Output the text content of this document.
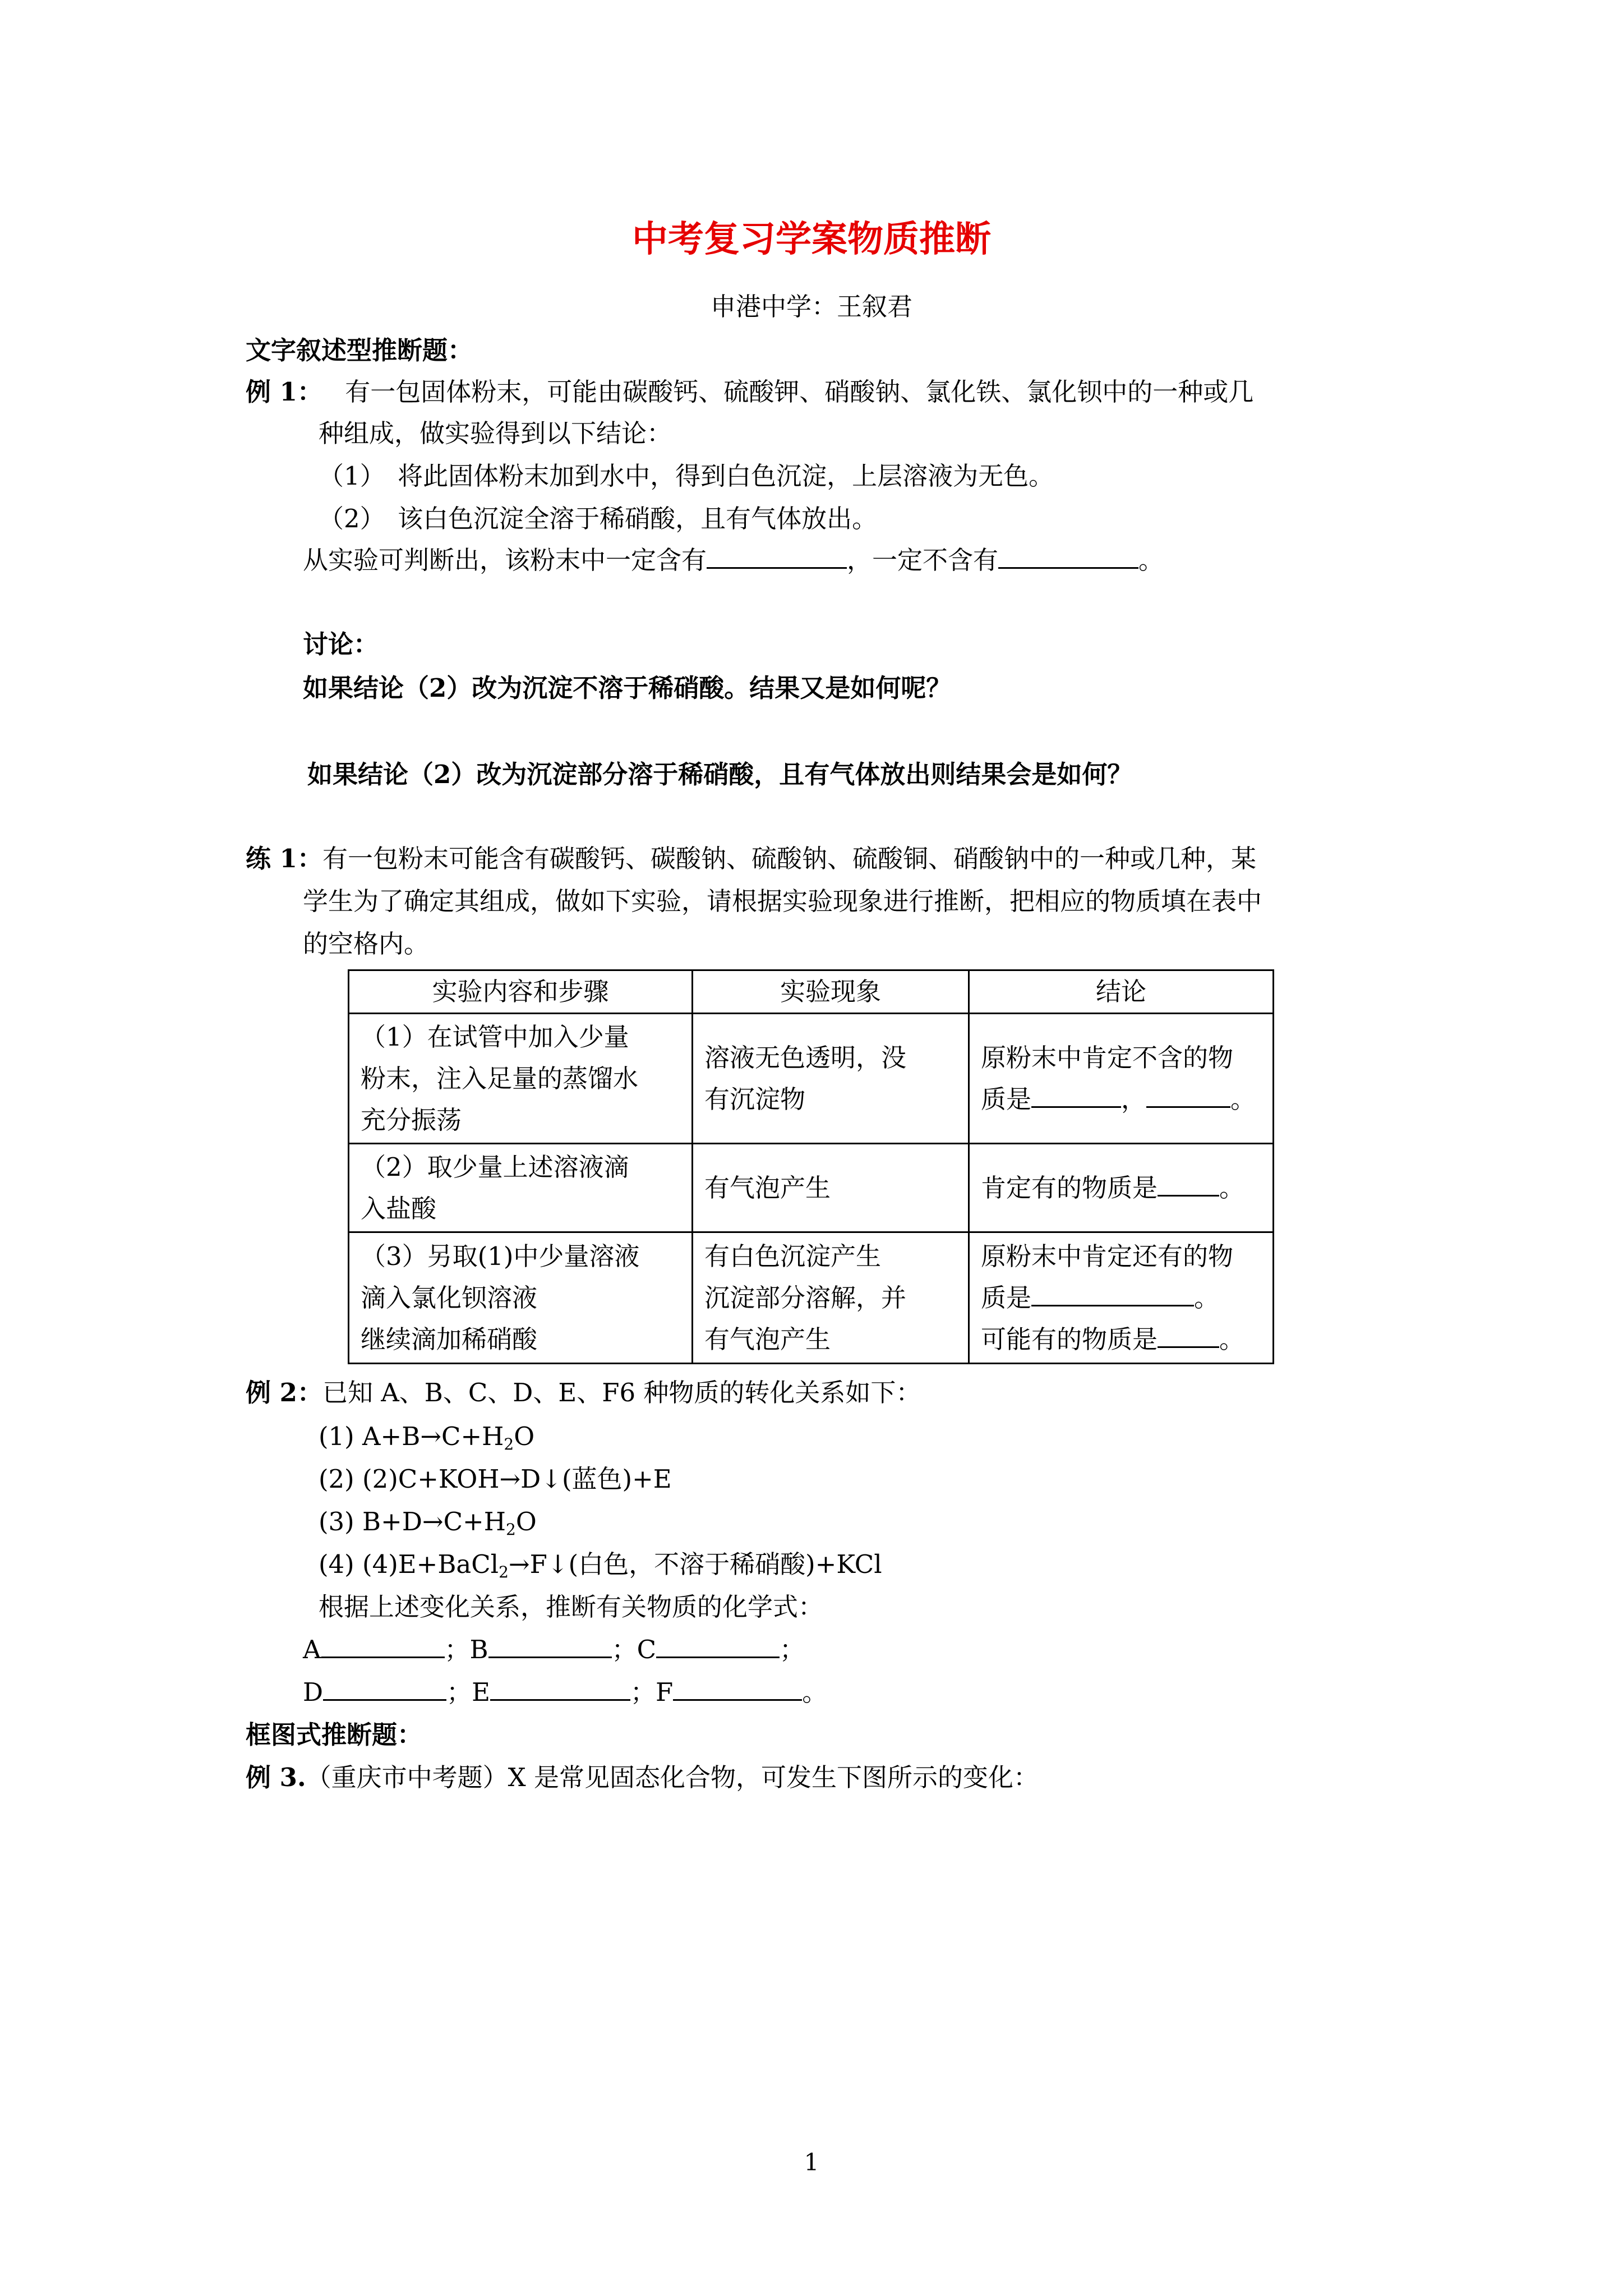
中考复习学案物质推断
申港中学：王叙君
文字叙述型推断题：
例 1： 有一包固体粉末，可能由碳酸钙、硫酸钾、硝酸钠、氯化铁、氯化钡中的一种或几
种组成，做实验得到以下结论：
（1）　将此固体粉末加到水中，得到白色沉淀，上层溶液为无色。
（2）　该白色沉淀全溶于稀硝酸，且有气体放出。
从实验可判断出，该粉末中一定含有	，一定不含有	。
讨论：
如果结论（2）改为沉淀不溶于稀硝酸。结果又是如何呢？
如果结论（2）改为沉淀部分溶于稀硝酸，且有气体放出则结果会是如何？
练 1：有一包粉末可能含有碳酸钙、碳酸钠、硫酸钠、硫酸铜、硝酸钠中的一种或几种，某
学生为了确定其组成，做如下实验，请根据实验现象进行推断，把相应的物质填在表中
的空格内。
实验内容和步骤	实验现象	结论

（1）在试管中加入少量
粉末，注入足量的蒸馏水
充分振荡	溶液无色透明，没
有沉淀物	原粉末中肯定不含的物
质是 ， 。

（2）取少量上述溶液滴
入盐酸	有气泡产生	肯定有的物质是 。

（3）另取(1)中少量溶液
滴入氯化钡溶液
继续滴加稀硝酸	有白色沉淀产生
沉淀部分溶解，并
有气泡产生	原粉末中肯定还有的物
质是 。
可能有的物质是 。
例 2：已知 A、B、C、D、E、F6 种物质的转化关系如下：
(1) $A+B\to C+H_2O$
(2) (2)C+KOH→D↓(蓝色)+E
(3) $B+D\to C+H_2O$
(4) (4)E+BaCl$_2$→F↓(白色，不溶于稀硝酸)+KCl
根据上述变化关系，推断有关物质的化学式：
A	；B	；C	；
D	；E	；F	。
框图式推断题：
例 3.（重庆市中考题）X 是常见固态化合物，可发生下图所示的变化：
1
